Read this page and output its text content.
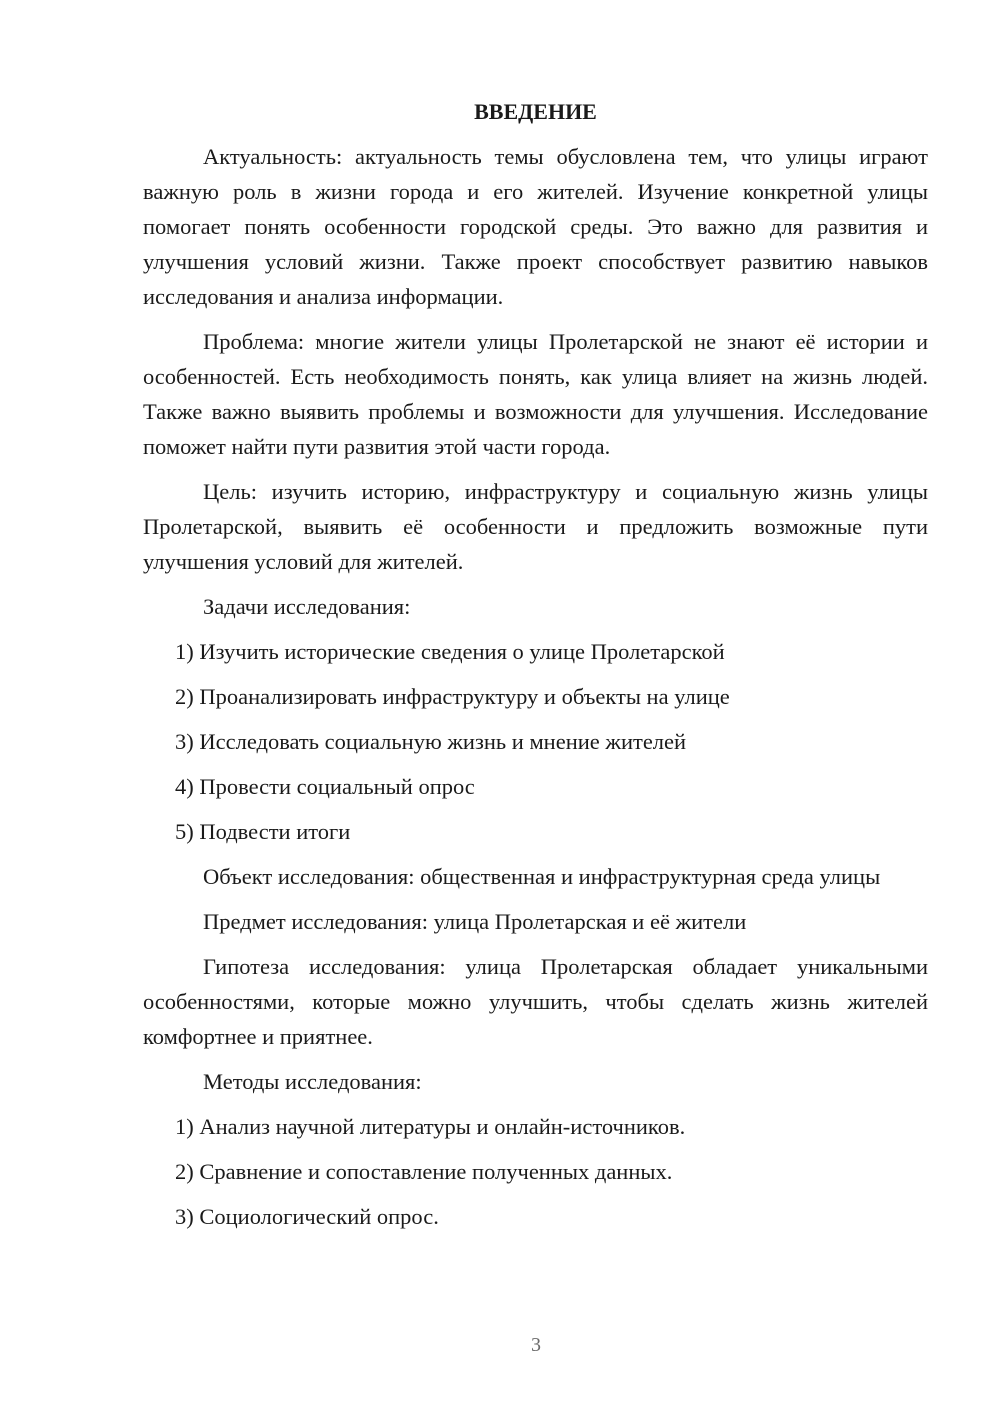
ВВЕДЕНИЕ

Актуальность: актуальность темы обусловлена тем, что улицы играют важную роль в жизни города и его жителей. Изучение конкретной улицы помогает понять особенности городской среды. Это важно для развития и улучшения условий жизни. Также проект способствует развитию навыков исследования и анализа информации.

Проблема: многие жители улицы Пролетарской не знают её истории и особенностей. Есть необходимость понять, как улица влияет на жизнь людей. Также важно выявить проблемы и возможности для улучшения. Исследование поможет найти пути развития этой части города.

Цель: изучить историю, инфраструктуру и социальную жизнь улицы Пролетарской, выявить её особенности и предложить возможные пути улучшения условий для жителей.

Задачи исследования:

1) Изучить исторические сведения о улице Пролетарской

2) Проанализировать инфраструктуру и объекты на улице

3) Исследовать социальную жизнь и мнение жителей

4) Провести социальный опрос

5) Подвести итоги

Объект исследования: общественная и инфраструктурная среда улицы

Предмет исследования: улица Пролетарская и её жители

Гипотеза исследования: улица Пролетарская обладает уникальными особенностями, которые можно улучшить, чтобы сделать жизнь жителей комфортнее и приятнее.

Методы исследования:

1) Анализ научной литературы и онлайн-источников.

2) Сравнение и сопоставление полученных данных.

3) Социологический опрос.

3
